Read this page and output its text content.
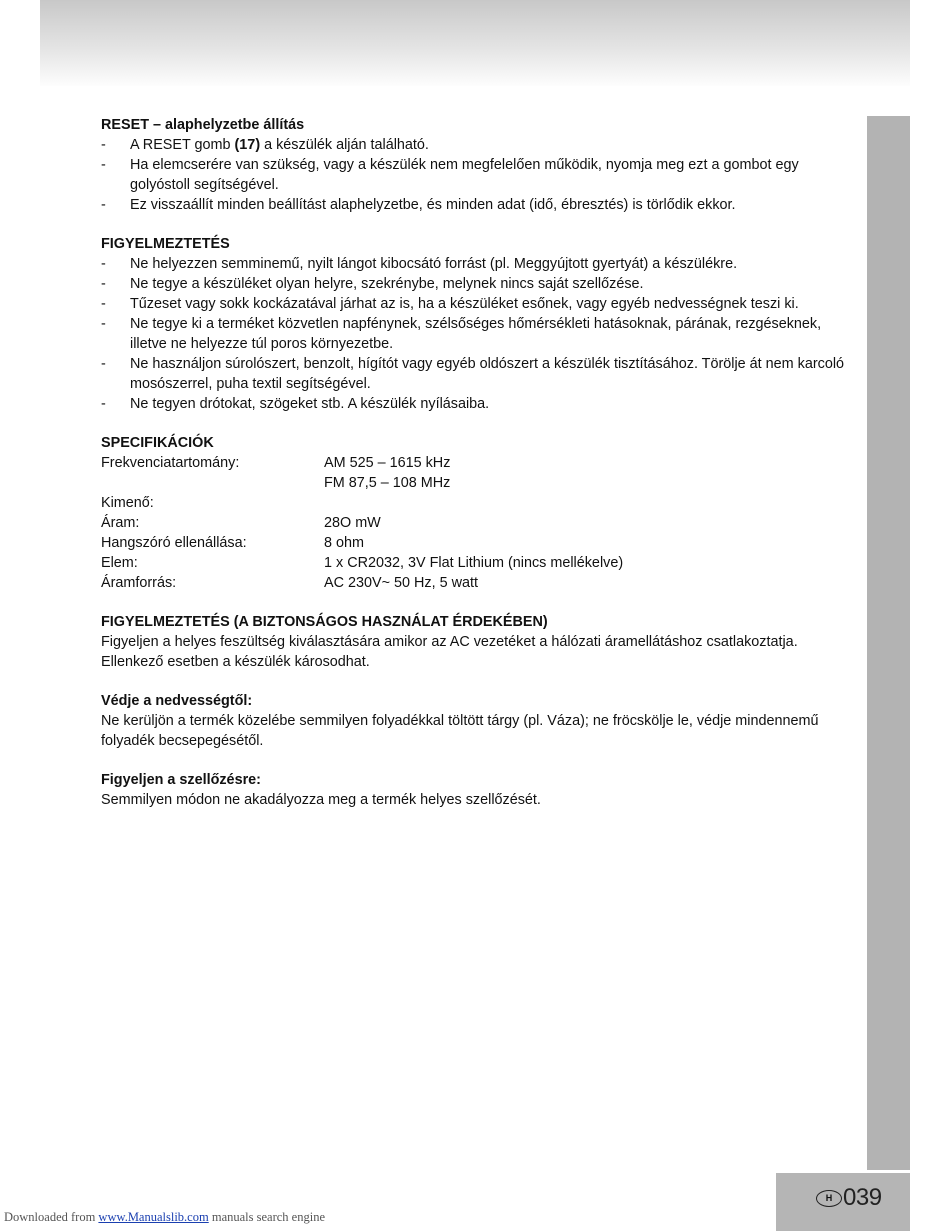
RESET – alaphelyzetbe állítás
-	A RESET gomb (17) a készülék alján található.
-	Ha elemcserére van szükség, vagy a készülék nem megfelelően működik, nyomja meg ezt a gombot egy golyóstoll segítségével.
-	Ez visszaállít minden beállítást alaphelyzetbe, és minden adat (idő, ébresztés) is törlődik ekkor.
FIGYELMEZTETÉS
-	Ne helyezzen semminemű, nyilt lángot kibocsátó forrást (pl. Meggyújtott gyertyát) a készülékre.
-	Ne tegye a készüléket olyan helyre, szekrénybe, melynek nincs saját szellőzése.
-	Tűzeset vagy sokk kockázatával járhat az is, ha a készüléket esőnek, vagy egyéb nedvességnek teszi ki.
-	Ne tegye ki a terméket közvetlen napfénynek, szélsőséges hőmérsékleti hatásoknak, párának, rezgéseknek, illetve ne helyezze túl poros környezetbe.
-	Ne használjon súrolószert, benzolt, hígítót vagy egyéb oldószert a készülék tisztításához. Törölje át nem karcoló mosószerrel, puha textil segítségével.
-	Ne tegyen drótokat, szögeket stb. A készülék nyílásaiba.
SPECIFIKÁCIÓK
Frekvenciatartomány:	AM 525 – 1615 kHz
FM 87,5 – 108 MHz
Kimenő:
Áram:	28O mW
Hangszóró ellenállása:	8 ohm
Elem:	1 x CR2032, 3V Flat Lithium (nincs mellékelve)
Áramforrás:	AC 230V~ 50 Hz, 5 watt
FIGYELMEZTETÉS (A BIZTONSÁGOS HASZNÁLAT ÉRDEKÉBEN)
Figyeljen a helyes feszültség kiválasztására amikor az AC vezetéket a hálózati áramellátáshoz csatlakoztatja. Ellenkező esetben a készülék károsodhat.
Védje a nedvességtől:
Ne kerüljön a termék közelébe semmilyen folyadékkal töltött tárgy (pl. Váza); ne fröcskölje le, védje mindennemű folyadék becsepegésétől.
Figyeljen a szellőzésre:
Semmilyen módon ne akadályozza meg a termék helyes szellőzését.
H 039
Downloaded from www.Manualslib.com manuals search engine
